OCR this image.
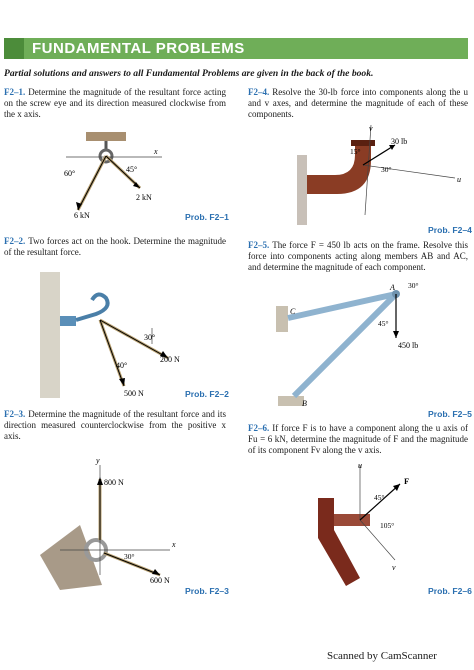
FUNDAMENTAL PROBLEMS
Partial solutions and answers to all Fundamental Problems are given in the back of the book.
F2–1. Determine the magnitude of the resultant force acting on the screw eye and its direction measured clockwise from the x axis.
F2–4. Resolve the 30-lb force into components along the u and v axes, and determine the magnitude of each of these components.
F2–2. Two forces act on the hook. Determine the magnitude of the resultant force.
F2–5. The force F = 450 lb acts on the frame. Resolve this force into components acting along members AB and AC, and determine the magnitude of each component.
F2–3. Determine the magnitude of the resultant force and its direction measured counterclockwise from the positive x axis.
F2–6. If force F is to have a component along the u axis of Fu = 6 kN, determine the magnitude of F and the magnitude of its component Fv along the v axis.
x
60°	45°
6 kN
2 kN
Prob. F2–1
v
u
15°
30°
30 lb
Prob. F2–4
30°
40°
200 N
500 N	Prob. F2–2
A
B
C
30°
45°
450 lb
Prob. F2–5
y
x
30°
800 N
600 N
Prob. F2–3
u
v
F
45°
105°
Prob. F2–6
Scanned by CamScanner
